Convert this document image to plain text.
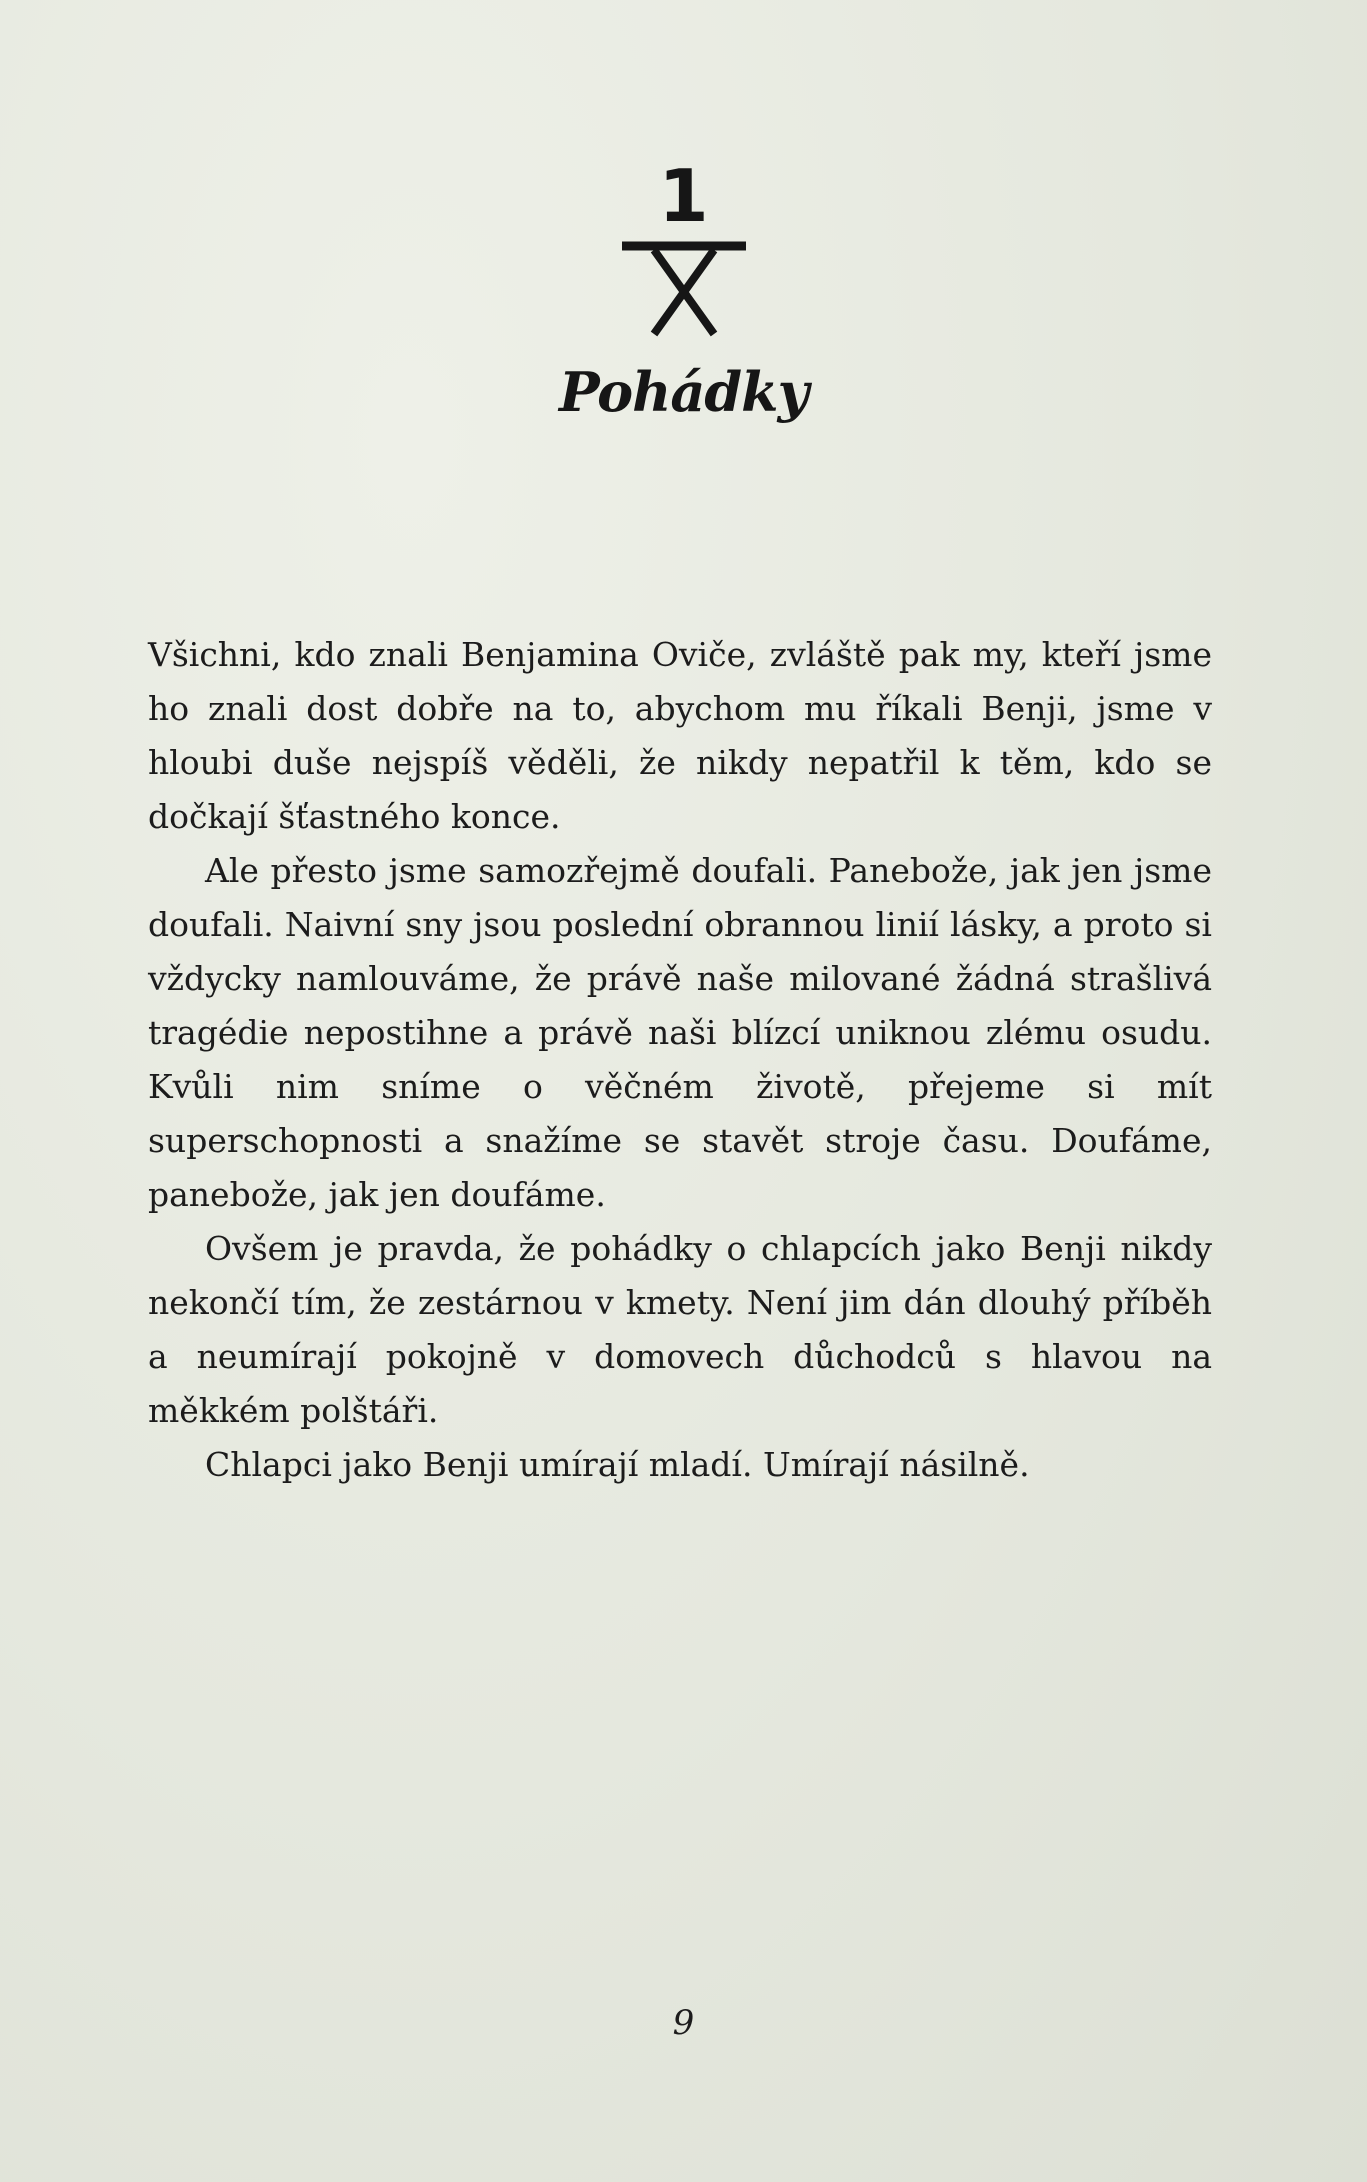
1
Pohádky

Všichni, kdo znali Benjamina Oviče, zvláště pak my, kteří jsme ho znali dost dobře na to, abychom mu říkali Benji, jsme v hloubi duše nejspíš věděli, že nikdy nepatřil k těm, kdo se dočkají šťastného konce.

Ale přesto jsme samozřejmě doufali. Panebože, jak jen jsme doufali. Naivní sny jsou poslední obrannou linií lásky, a proto si vždycky namlouváme, že právě naše milované žádná strašlivá tragédie nepostihne a právě naši blízcí uniknou zlému osudu. Kvůli nim sníme o věčném životě, přejeme si mít superschopnosti a snažíme se stavět stroje času. Doufáme, panebože, jak jen doufáme.

Ovšem je pravda, že pohádky o chlapcích jako Benji nikdy nekončí tím, že zestárnou v kmety. Není jim dán dlouhý příběh a neumírají pokojně v domovech důchodců s hlavou na měkkém polštáři.

Chlapci jako Benji umírají mladí. Umírají násilně.

9
